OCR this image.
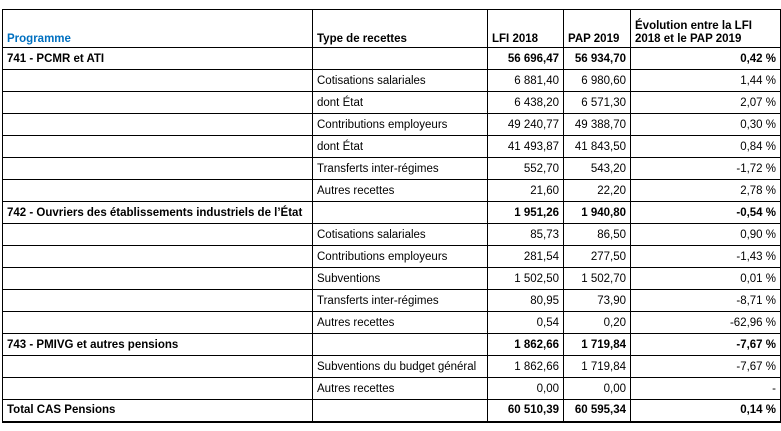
Programme	Type de recettes	LFI 2018	PAP 2019	Évolution entre la LFI 2018 et le PAP 2019
741 - PCMR et ATI		56 696,47	56 934,70	0,42 %
	Cotisations salariales	6 881,40	6 980,60	1,44 %
	dont État	6 438,20	6 571,30	2,07 %
	Contributions employeurs	49 240,77	49 388,70	0,30 %
	dont État	41 493,87	41 843,50	0,84 %
	Transferts inter-régimes	552,70	543,20	-1,72 %
	Autres recettes	21,60	22,20	2,78 %
742 - Ouvriers des établissements industriels de l’État		1 951,26	1 940,80	-0,54 %
	Cotisations salariales	85,73	86,50	0,90 %
	Contributions employeurs	281,54	277,50	-1,43 %
	Subventions	1 502,50	1 502,70	0,01 %
	Transferts inter-régimes	80,95	73,90	-8,71 %
	Autres recettes	0,54	0,20	-62,96 %
743 - PMIVG et autres pensions		1 862,66	1 719,84	-7,67 %
	Subventions du budget général	1 862,66	1 719,84	-7,67 %
	Autres recettes	0,00	0,00	-
Total CAS Pensions		60 510,39	60 595,34	0,14 %
